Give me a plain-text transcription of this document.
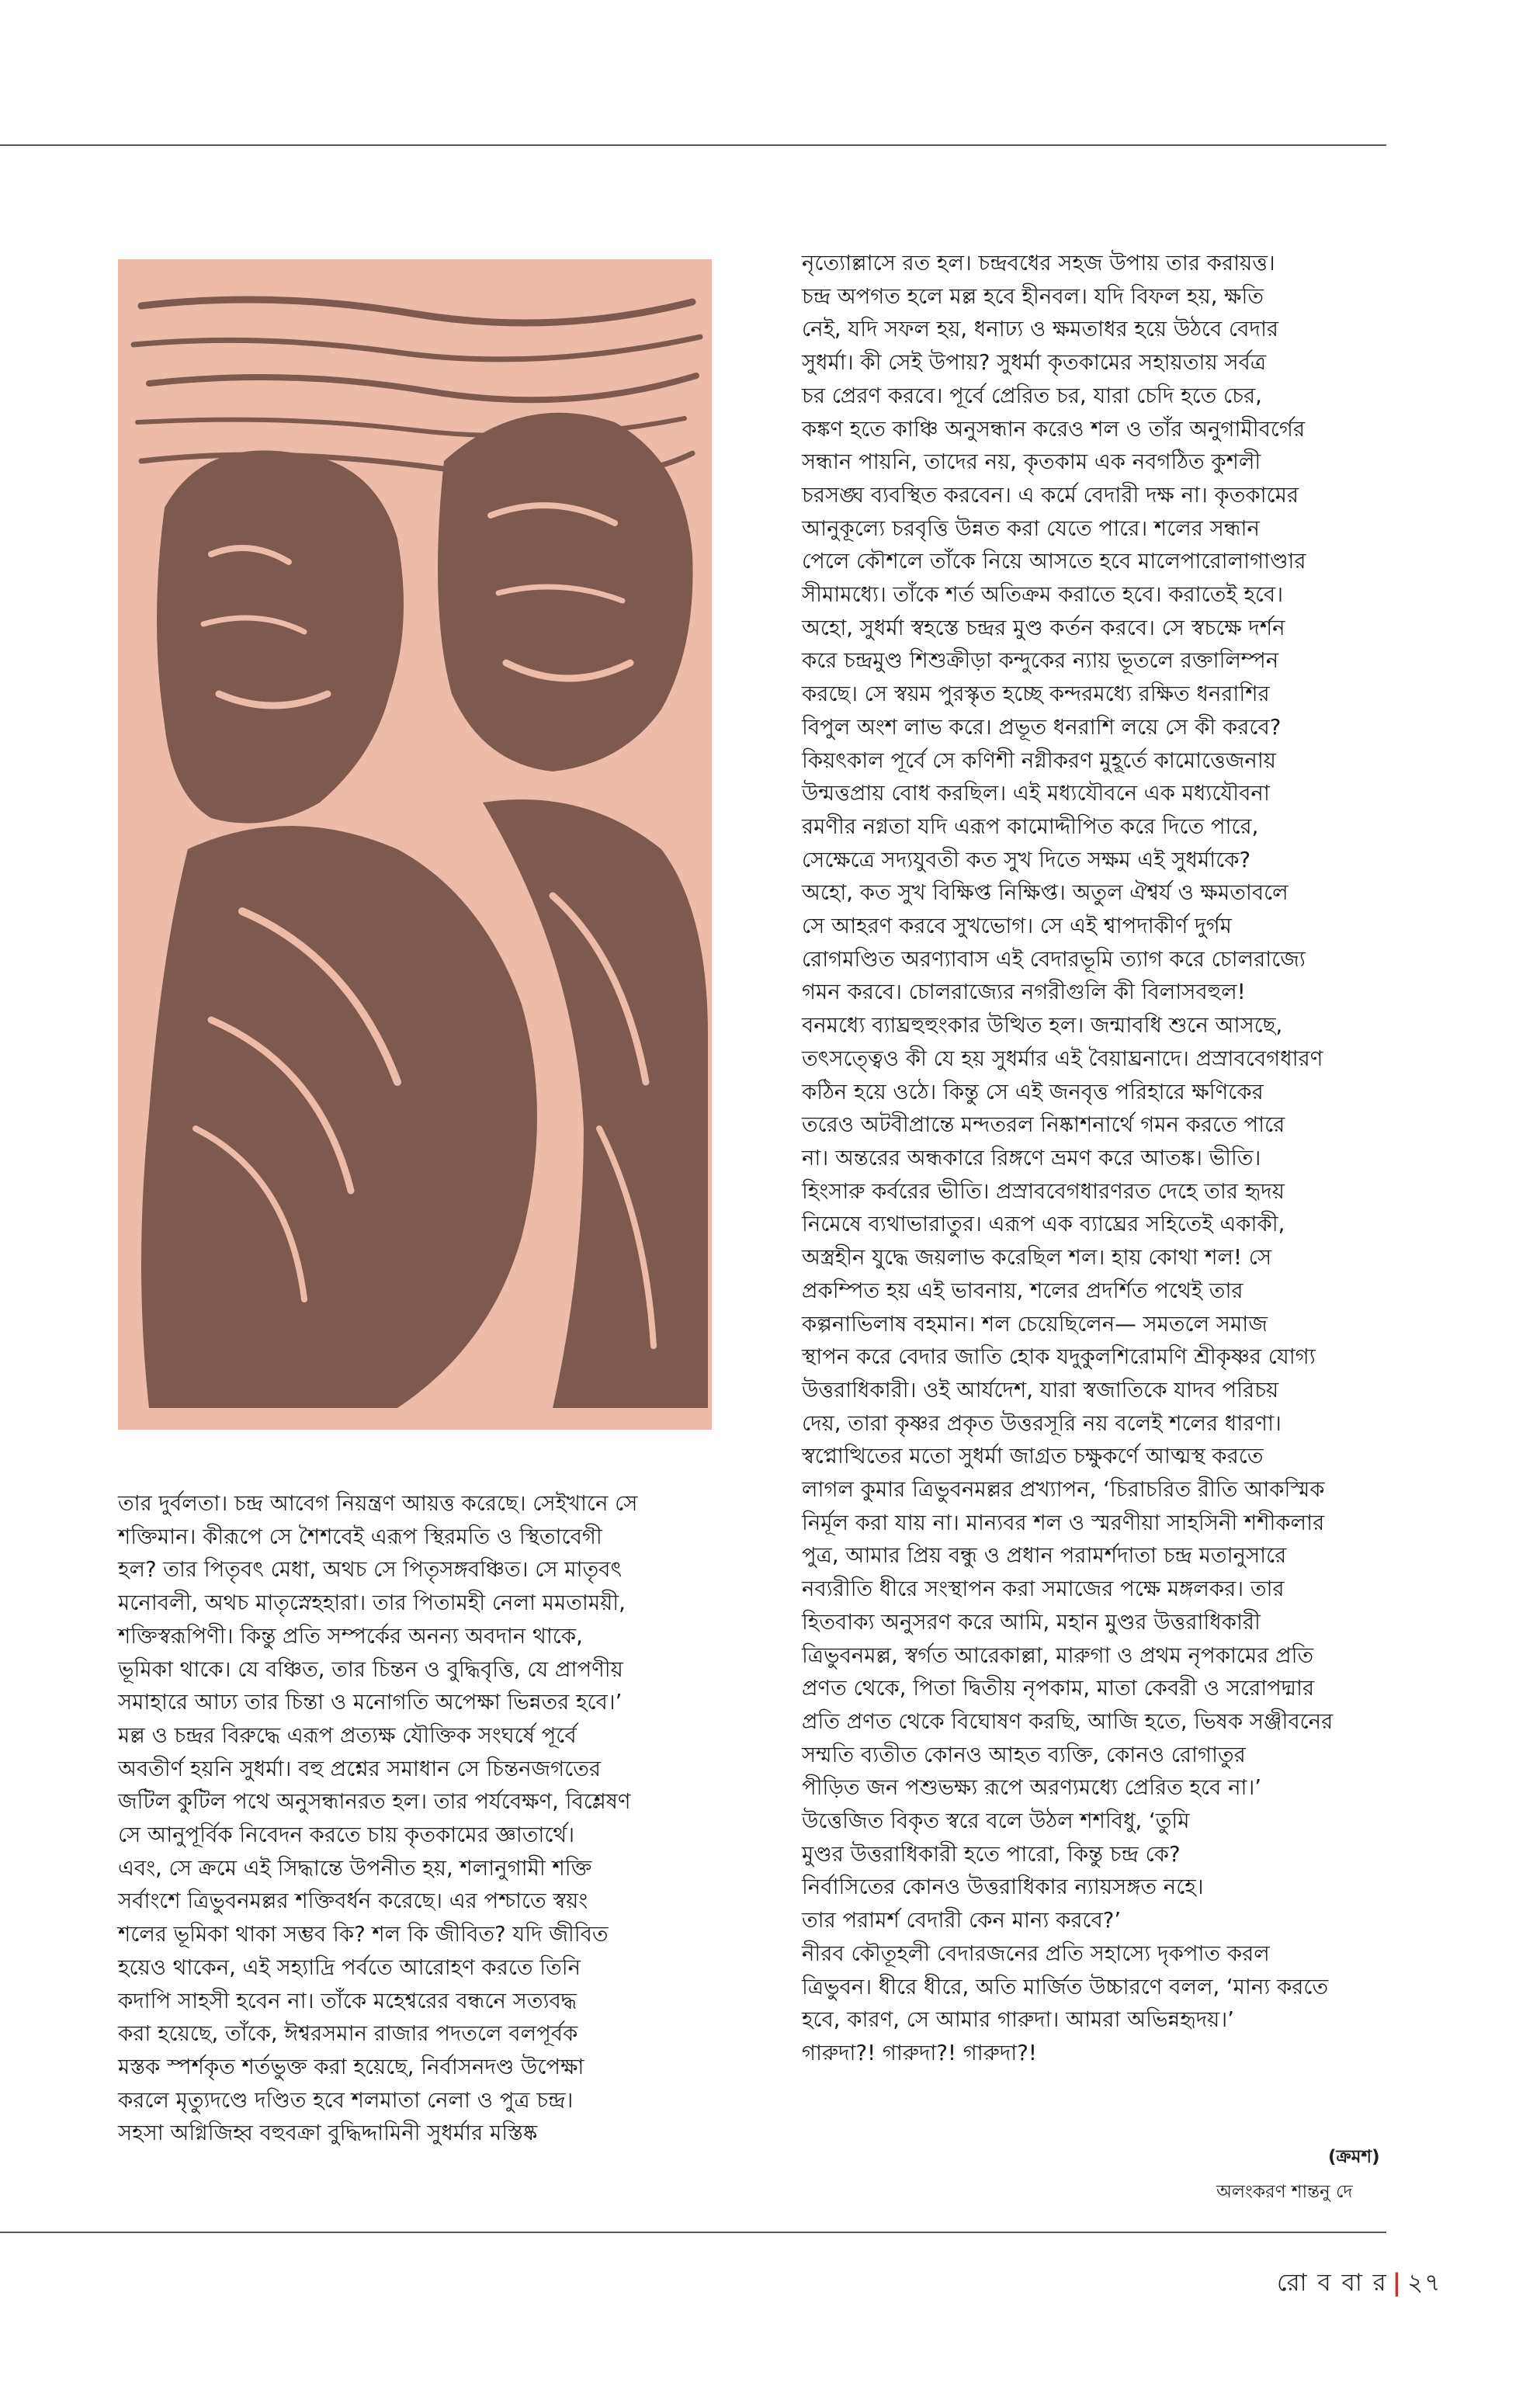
তার দুর্বলতা। চন্দ্র আবেগ নিয়ন্ত্রণ আয়ত্ত করেছে। সেইখানে সে

শক্তিমান। কীরূপে সে শৈশবেই এরূপ স্থিরমতি ও স্থিতাবেগী

হল? তার পিতৃবৎ মেধা, অথচ সে পিতৃসঙ্গবঞ্চিত। সে মাতৃবৎ

মনোবলী, অথচ মাতৃস্নেহহারা। তার পিতামহী নেলা মমতাময়ী,

শক্তিস্বরূপিণী। কিন্তু প্রতি সম্পর্কের অনন্য অবদান থাকে,

ভূমিকা থাকে। যে বঞ্চিত, তার চিন্তন ও বুদ্ধিবৃত্তি, যে প্রাপণীয়

সমাহারে আঢ্য তার চিন্তা ও মনোগতি অপেক্ষা ভিন্নতর হবে।’

মল্ল ও চন্দ্রর বিরুদ্ধে এরূপ প্রত্যক্ষ যৌক্তিক সংঘর্ষে পূর্বে

অবতীর্ণ হয়নি সুধর্মা। বহু প্রশ্নের সমাধান সে চিন্তনজগতের

জটিল কুটিল পথে অনুসন্ধানরত হল। তার পর্যবেক্ষণ, বিশ্লেষণ

সে আনুপূর্বিক নিবেদন করতে চায় কৃতকামের জ্ঞাতার্থে।

এবং, সে ক্রমে এই সিদ্ধান্তে উপনীত হয়, শলানুগামী শক্তি

সর্বাংশে ত্রিভুবনমল্লর শক্তিবর্ধন করেছে। এর পশ্চাতে স্বয়ং

শলের ভূমিকা থাকা সম্ভব কি? শল কি জীবিত? যদি জীবিত

হয়েও থাকেন, এই সহ্যাদ্রি পর্বতে আরোহণ করতে তিনি

কদাপি সাহসী হবেন না। তাঁকে মহেশ্বরের বন্ধনে সত্যবদ্ধ

করা হয়েছে, তাঁকে, ঈশ্বরসমান রাজার পদতলে বলপূর্বক

মস্তক স্পর্শকৃত শর্তভুক্ত করা হয়েছে, নির্বাসনদণ্ড উপেক্ষা

করলে মৃত্যুদণ্ডে দণ্ডিত হবে শলমাতা নেলা ও পুত্র চন্দ্র।

সহসা অগ্নিজিহ্ব বহুবক্রা বুদ্ধিদ্দামিনী সুধর্মার মস্তিষ্ক

নৃত্যোল্লাসে রত হল। চন্দ্রবধের সহজ উপায় তার করায়ত্ত।

চন্দ্র অপগত হলে মল্ল হবে হীনবল। যদি বিফল হয়, ক্ষতি

নেই, যদি সফল হয়, ধনাঢ্য ও ক্ষমতাধর হয়ে উঠবে বেদার

সুধর্মা। কী সেই উপায়? সুধর্মা কৃতকামের সহায়তায় সর্বত্র

চর প্রেরণ করবে। পূর্বে প্রেরিত চর, যারা চেদি হতে চের,

কঙ্কণ হতে কাঞ্চি অনুসন্ধান করেও শল ও তাঁর অনুগামীবর্গের

সন্ধান পায়নি, তাদের নয়, কৃতকাম এক নবগঠিত কুশলী

চরসঙ্ঘ ব্যবস্থিত করবেন। এ কর্মে বেদারী দক্ষ না। কৃতকামের

আনুকূল্যে চরবৃত্তি উন্নত করা যেতে পারে। শলের সন্ধান

পেলে কৌশলে তাঁকে নিয়ে আসতে হবে মালেপারোলাগাণ্ডার

সীমামধ্যে। তাঁকে শর্ত অতিক্রম করাতে হবে। করাতেই হবে।

অহো, সুধর্মা স্বহস্তে চন্দ্রর মুণ্ড কর্তন করবে। সে স্বচক্ষে দর্শন

করে চন্দ্রমুণ্ড শিশুক্রীড়া কন্দুকের ন্যায় ভূতলে রক্তালিম্পন

করছে। সে স্বয়ম পুরস্কৃত হচ্ছে কন্দরমধ্যে রক্ষিত ধনরাশির

বিপুল অংশ লাভ করে। প্রভূত ধনরাশি লয়ে সে কী করবে?

কিয়ৎকাল পূর্বে সে কণিশী নগ্নীকরণ মুহূর্তে কামোত্তেজনায়

উন্মত্তপ্রায় বোধ করছিল। এই মধ্যযৌবনে এক মধ্যযৌবনা

রমণীর নগ্নতা যদি এরূপ কামোদ্দীপিত করে দিতে পারে,

সেক্ষেত্রে সদ্যযুবতী কত সুখ দিতে সক্ষম এই সুধর্মাকে?

অহো, কত সুখ বিক্ষিপ্ত নিক্ষিপ্ত। অতুল ঐশ্বর্য ও ক্ষমতাবলে

সে আহরণ করবে সুখভোগ। সে এই শ্বাপদাকীর্ণ দুর্গম

রোগমণ্ডিত অরণ্যাবাস এই বেদারভূমি ত্যাগ করে চোলরাজ্যে

গমন করবে। চোলরাজ্যের নগরীগুলি কী বিলাসবহুল!

বনমধ্যে ব্যাঘ্রহুহুংকার উত্থিত হল। জন্মাবধি শুনে আসছে,

তৎসত্ত্বেও কী যে হয় সুধর্মার এই বৈয়াঘ্রনাদে। প্রস্রাববেগধারণ

কঠিন হয়ে ওঠে। কিন্তু সে এই জনবৃত্ত পরিহারে ক্ষণিকের

তরেও অটবীপ্রান্তে মন্দতরল নিষ্কাশনার্থে গমন করতে পারে

না। অন্তরের অন্ধকারে রিঙ্গণে ভ্রমণ করে আতঙ্ক। ভীতি।

হিংসারু কর্বরের ভীতি। প্রস্রাববেগধারণরত দেহে তার হৃদয়

নিমেষে ব্যথাভারাতুর। এরূপ এক ব্যাঘ্রের সহিতেই একাকী,

অস্ত্রহীন যুদ্ধে জয়লাভ করেছিল শল। হায় কোথা শল! সে

প্রকম্পিত হয় এই ভাবনায়, শলের প্রদর্শিত পথেই তার

কল্পনাভিলাষ বহমান। শল চেয়েছিলেন— সমতলে সমাজ

স্থাপন করে বেদার জাতি হোক যদুকুলশিরোমণি শ্রীকৃষ্ণর যোগ্য

উত্তরাধিকারী। ওই আর্যদেশ, যারা স্বজাতিকে যাদব পরিচয়

দেয়, তারা কৃষ্ণর প্রকৃত উত্তরসূরি নয় বলেই শলের ধারণা।

স্বপ্নোত্থিতের মতো সুধর্মা জাগ্রত চক্ষুকর্ণে আত্মস্থ করতে

লাগল কুমার ত্রিভুবনমল্লর প্রখ্যাপন, ‘চিরাচরিত রীতি আকস্মিক

নির্মূল করা যায় না। মান্যবর শল ও স্মরণীয়া সাহসিনী শশীকলার

পুত্র, আমার প্রিয় বন্ধু ও প্রধান পরামর্শদাতা চন্দ্র মতানুসারে

নব্যরীতি ধীরে সংস্থাপন করা সমাজের পক্ষে মঙ্গলকর। তার

হিতবাক্য অনুসরণ করে আমি, মহান মুণ্ডর উত্তরাধিকারী

ত্রিভুবনমল্ল, স্বর্গত আরেকাল্লা, মারুগা ও প্রথম নৃপকামের প্রতি

প্রণত থেকে, পিতা দ্বিতীয় নৃপকাম, মাতা কেবরী ও সরোপদ্মার

প্রতি প্রণত থেকে বিঘোষণ করছি, আজি হতে, ভিষক সঞ্জীবনের

সম্মতি ব্যতীত কোনও আহত ব্যক্তি, কোনও রোগাতুর

পীড়িত জন পশুভক্ষ্য রূপে অরণ্যমধ্যে প্রেরিত হবে না।’

উত্তেজিত বিকৃত স্বরে বলে উঠল শশবিধু, ‘তুমি

মুণ্ডর উত্তরাধিকারী হতে পারো, কিন্তু চন্দ্র কে?

নির্বাসিতের কোনও উত্তরাধিকার ন্যায়সঙ্গত নহে।

তার পরামর্শ বেদারী কেন মান্য করবে?’

নীরব কৌতূহলী বেদারজনের প্রতি সহাস্যে দৃকপাত করল

ত্রিভুবন। ধীরে ধীরে, অতি মার্জিত উচ্চারণে বলল, ‘মান্য করতে

হবে, কারণ, সে আমার গারুদা। আমরা অভিন্নহৃদয়।’

গারুদা?! গারুদা?! গারুদা?!

(ক্রমশ)
অলংকরণ শান্তনু দে
রো ব বা র | ২৭
